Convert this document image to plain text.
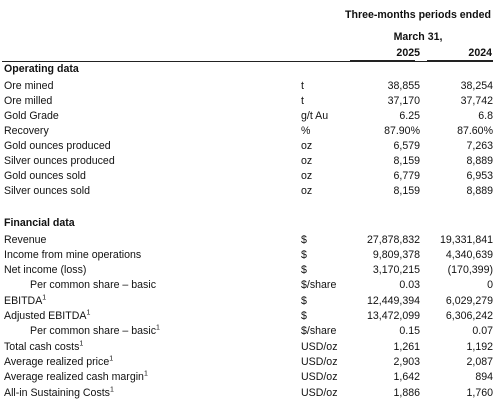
Three-months periods ended
March 31,
2025	2024
Operating data
Ore mined	t	38,855	38,254
Ore milled	t	37,170	37,742
Gold Grade	g/t Au	6.25	6.8
Recovery	%	87.90%	87.60%
Gold ounces produced	oz	6,579	7,263
Silver ounces produced	oz	8,159	8,889
Gold ounces sold	oz	6,779	6,953
Silver ounces sold	oz	8,159	8,889
Financial data
Revenue	$	27,878,832	19,331,841
Income from mine operations	$	9,809,378	4,340,639
Net income (loss)	$	3,170,215	(170,399)
Per common share – basic	$/share	0.03	0
EBITDA$^1$	$	12,449,394	6,029,279
Adjusted EBITDA$^1$	$	13,472,099	6,306,242
Per common share – basic$^1$	$/share	0.15	0.07
Total cash costs$^1$	USD/oz	1,261	1,192
Average realized price$^1$	USD/oz	2,903	2,087
Average realized cash margin$^1$	USD/oz	1,642	894
All-in Sustaining Costs$^1$	USD/oz	1,886	1,760
